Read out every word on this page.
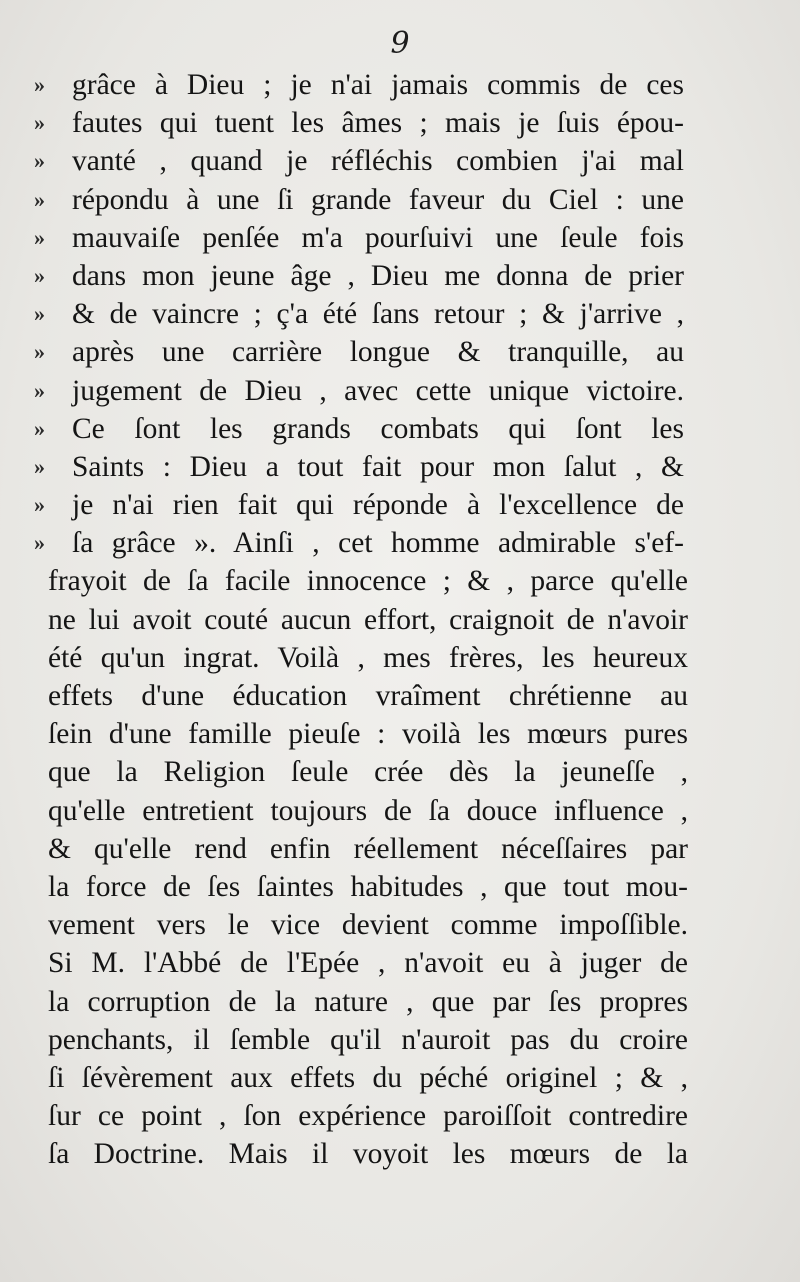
9
» grâce à Dieu ; je n'ai jamais commis de ces
» fautes qui tuent les âmes ; mais je ſuis épou-
» vanté , quand je réfléchis combien j'ai mal
» répondu à une ſi grande faveur du Ciel : une
» mauvaiſe penſée m'a pourſuivi une ſeule fois
» dans mon jeune âge , Dieu me donna de prier
» & de vaincre ; ç'a été ſans retour ; & j'arrive ,
» après une carrière longue & tranquille, au
» jugement de Dieu , avec cette unique victoire.
» Ce ſont les grands combats qui ſont les
» Saints : Dieu a tout fait pour mon ſalut , &
» je n'ai rien fait qui réponde à l'excellence de
» ſa grâce ». Ainſi , cet homme admirable s'ef-
frayoit de ſa facile innocence ; & , parce qu'elle
ne lui avoit couté aucun effort, craignoit de n'avoir
été qu'un ingrat. Voilà , mes frères, les heureux
effets d'une éducation vraîment chrétienne au
ſein d'une famille pieuſe : voilà les mœurs pures
que la Religion ſeule crée dès la jeuneſſe ,
qu'elle entretient toujours de ſa douce influence ,
& qu'elle rend enfin réellement néceſſaires par
la force de ſes ſaintes habitudes , que tout mou-
vement vers le vice devient comme impoſſible.
Si M. l'Abbé de l'Epée , n'avoit eu à juger de
la corruption de la nature , que par ſes propres
penchants, il ſemble qu'il n'auroit pas du croire
ſi ſévèrement aux effets du péché originel ; & ,
ſur ce point , ſon expérience paroiſſoit contredire
ſa Doctrine. Mais il voyoit les mœurs de la
